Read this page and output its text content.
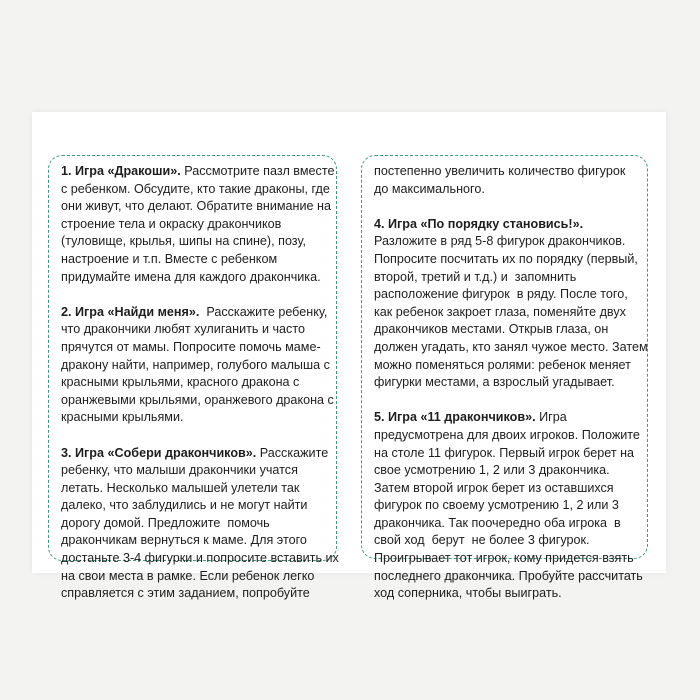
1. Игра «Дракоши». Рассмотрите пазл вместе
с ребенком. Обсудите, кто такие драконы, где
они живут, что делают. Обратите внимание на
строение тела и окраску дракончиков
(туловище, крылья, шипы на спине), позу,
настроение и т.п. Вместе с ребенком
придумайте имена для каждого дракончика.

2. Игра «Найди меня».  Расскажите ребенку,
что дракончики любят хулиганить и часто
прячутся от мамы. Попросите помочь маме-
дракону найти, например, голубого малыша с
красными крыльями, красного дракона с
оранжевыми крыльями, оранжевого дракона с
красными крыльями.

3. Игра «Собери дракончиков». Расскажите
ребенку, что малыши дракончики учатся
летать. Несколько малышей улетели так
далеко, что заблудились и не могут найти
дорогу домой. Предложите  помочь
дракончикам вернуться к маме. Для этого
достаньте 3-4 фигурки и попросите вставить их
на свои места в рамке. Если ребенок легко
справляется с этим заданием, попробуйте

постепенно увеличить количество фигурок
до максимального.

4. Игра «По порядку становись!».
Разложите в ряд 5-8 фигурок дракончиков.
Попросите посчитать их по порядку (первый,
второй, третий и т.д.) и  запомнить
расположение фигурок  в ряду. После того,
как ребенок закроет глаза, поменяйте двух
дракончиков местами. Открыв глаза, он
должен угадать, кто занял чужое место. Затем
можно поменяться ролями: ребенок меняет
фигурки местами, а взрослый угадывает.

5. Игра «11 дракончиков». Игра
предусмотрена для двоих игроков. Положите
на столе 11 фигурок. Первый игрок берет на
свое усмотрению 1, 2 или 3 дракончика.
Затем второй игрок берет из оставшихся
фигурок по своему усмотрению 1, 2 или 3
дракончика. Так поочередно оба игрока  в
свой ход  берут  не более 3 фигурок.
Проигрывает тот игрок, кому придется взять
последнего дракончика. Пробуйте рассчитать
ход соперника, чтобы выиграть.
